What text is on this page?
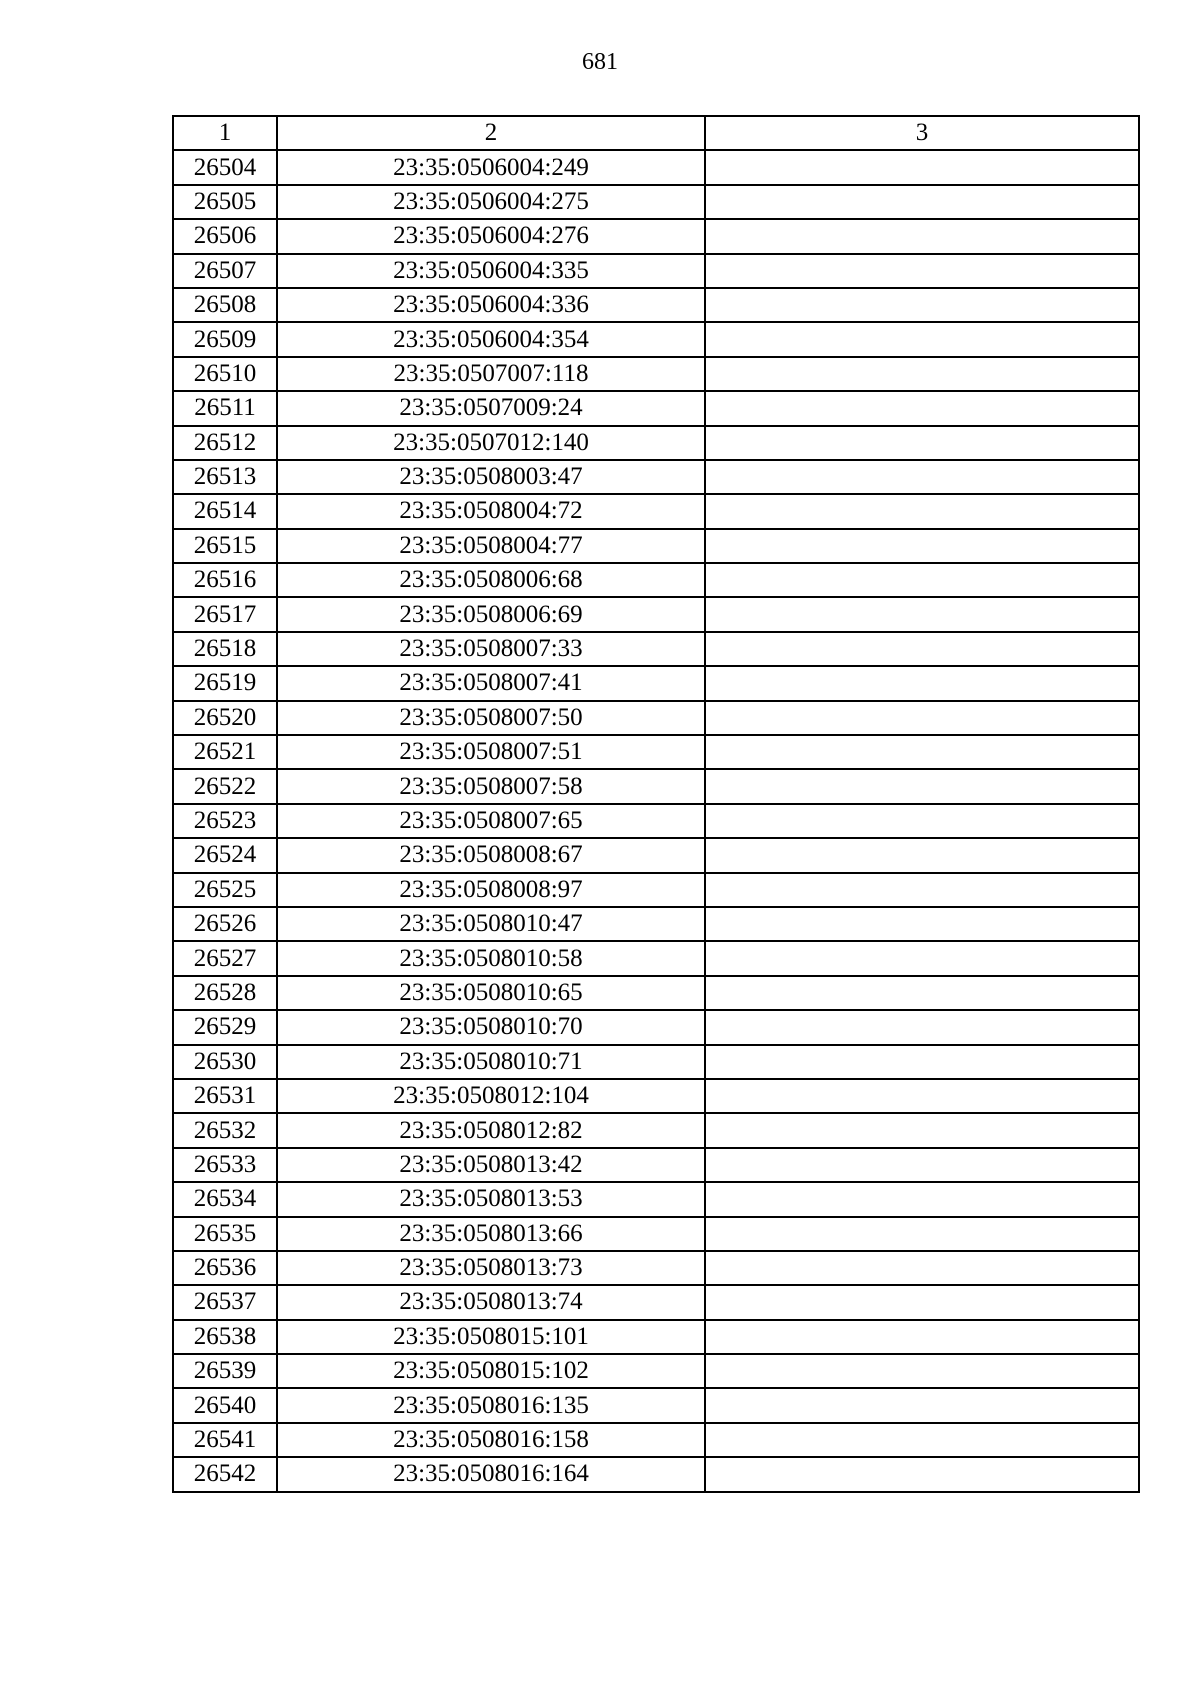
681
1	2	3
26504	23:35:0506004:249	
26505	23:35:0506004:275	
26506	23:35:0506004:276	
26507	23:35:0506004:335	
26508	23:35:0506004:336	
26509	23:35:0506004:354	
26510	23:35:0507007:118	
26511	23:35:0507009:24	
26512	23:35:0507012:140	
26513	23:35:0508003:47	
26514	23:35:0508004:72	
26515	23:35:0508004:77	
26516	23:35:0508006:68	
26517	23:35:0508006:69	
26518	23:35:0508007:33	
26519	23:35:0508007:41	
26520	23:35:0508007:50	
26521	23:35:0508007:51	
26522	23:35:0508007:58	
26523	23:35:0508007:65	
26524	23:35:0508008:67	
26525	23:35:0508008:97	
26526	23:35:0508010:47	
26527	23:35:0508010:58	
26528	23:35:0508010:65	
26529	23:35:0508010:70	
26530	23:35:0508010:71	
26531	23:35:0508012:104	
26532	23:35:0508012:82	
26533	23:35:0508013:42	
26534	23:35:0508013:53	
26535	23:35:0508013:66	
26536	23:35:0508013:73	
26537	23:35:0508013:74	
26538	23:35:0508015:101	
26539	23:35:0508015:102	
26540	23:35:0508016:135	
26541	23:35:0508016:158	
26542	23:35:0508016:164	
